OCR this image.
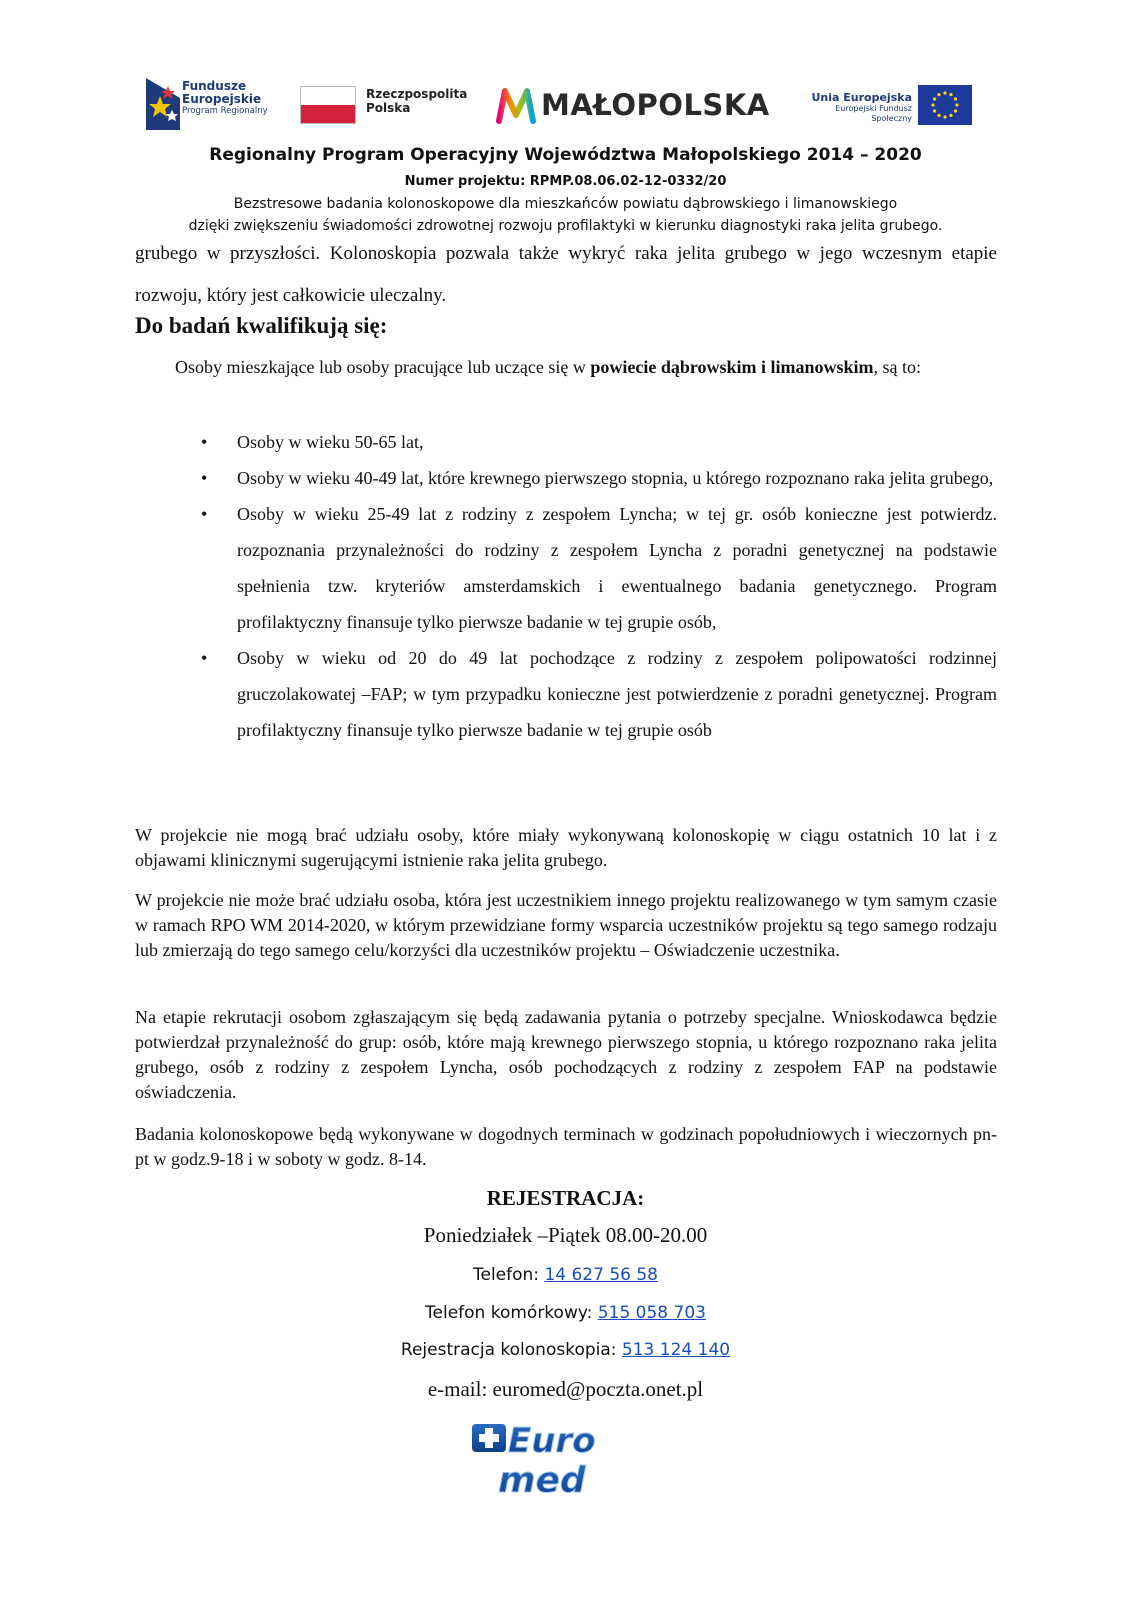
Fundusze
Europejskie
Program Regionalny
Rzeczpospolita
Polska	MAŁOPOLSKA	Unia Europejska
Europejski Fundusz Społeczny
Regionalny Program Operacyjny Województwa Małopolskiego 2014 – 2020
Numer projektu: RPMP.08.06.02-12-0332/20
Bezstresowe badania kolonoskopowe dla mieszkańców powiatu dąbrowskiego i limanowskiego
dzięki zwiększeniu świadomości zdrowotnej rozwoju profilaktyki w kierunku diagnostyki raka jelita grubego.
grubego w przyszłości. Kolonoskopia pozwala także wykryć raka jelita grubego w jego wczesnym etapie rozwoju, który jest całkowicie uleczalny.
Do badań kwalifikują się:
Osoby mieszkające lub osoby pracujące lub uczące się w powiecie dąbrowskim i limanowskim, są to:
• Osoby w wieku 50-65 lat,
• Osoby w wieku 40-49 lat, które krewnego pierwszego stopnia, u którego rozpoznano raka jelita grubego,
• Osoby w wieku 25-49 lat z rodziny z zespołem Lyncha; w tej gr. osób konieczne jest potwierdz. rozpoznania przynależności do rodziny z zespołem Lyncha z poradni genetycznej na podstawie spełnienia tzw. kryteriów amsterdamskich i ewentualnego badania genetycznego. Program profilaktyczny finansuje tylko pierwsze badanie w tej grupie osób,
• Osoby w wieku od 20 do 49 lat pochodzące z rodziny z zespołem polipowatości rodzinnej gruczolakowatej –FAP; w tym przypadku konieczne jest potwierdzenie z poradni genetycznej. Program profilaktyczny finansuje tylko pierwsze badanie w tej grupie osób
W projekcie nie mogą brać udziału osoby, które miały wykonywaną kolonoskopię w ciągu ostatnich 10 lat i z objawami klinicznymi sugerującymi istnienie raka jelita grubego.
W projekcie nie może brać udziału osoba, która jest uczestnikiem innego projektu realizowanego w tym samym czasie w ramach RPO WM 2014-2020, w którym przewidziane formy wsparcia uczestników projektu są tego samego rodzaju lub zmierzają do tego samego celu/korzyści dla uczestników projektu – Oświadczenie uczestnika.
Na etapie rekrutacji osobom zgłaszającym się będą zadawania pytania o potrzeby specjalne. Wnioskodawca będzie potwierdzał przynależność do grup: osób, które mają krewnego pierwszego stopnia, u którego rozpoznano raka jelita grubego, osób z rodziny z zespołem Lyncha, osób pochodzących z rodziny z zespołem FAP na podstawie oświadczenia.
Badania kolonoskopowe będą wykonywane w dogodnych terminach w godzinach popołudniowych i wieczornych pn-pt w godz.9-18 i w soboty w godz. 8-14.
REJESTRACJA:
Poniedziałek –Piątek 08.00-20.00
Telefon: 14 627 56 58
Telefon komórkowy: 515 058 703
Rejestracja kolonoskopia: 513 124 140
e-mail: euromed@poczta.onet.pl
Euro
med
